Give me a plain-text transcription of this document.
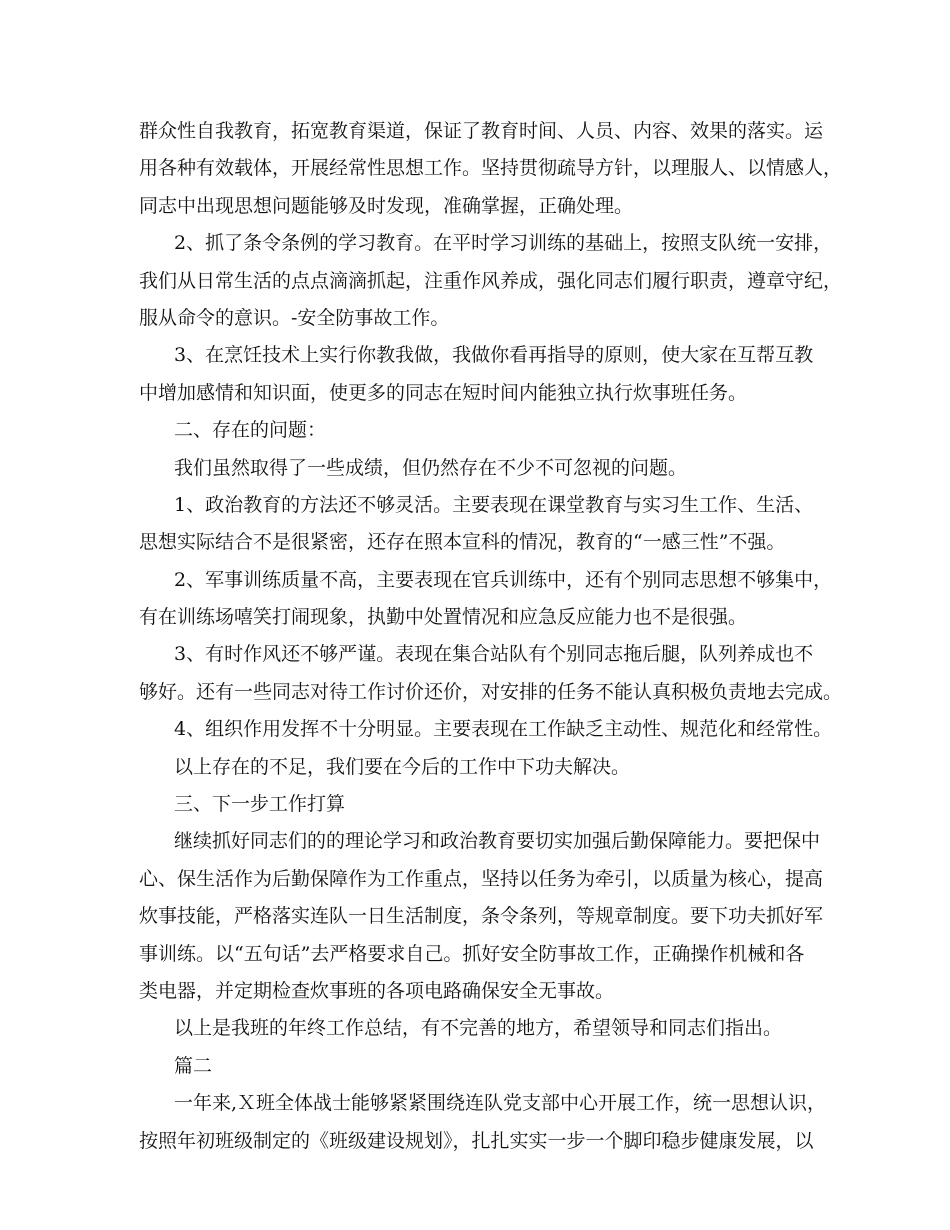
群众性自我教育，拓宽教育渠道，保证了教育时间、人员、内容、效果的落实。运
用各种有效载体，开展经常性思想工作。坚持贯彻疏导方针，以理服人、以情感人，
同志中出现思想问题能够及时发现，准确掌握，正确处理。
2、抓了条令条例的学习教育。在平时学习训练的基础上，按照支队统一安排，
我们从日常生活的点点滴滴抓起，注重作风养成，强化同志们履行职责，遵章守纪，
服从命令的意识。-安全防事故工作。
3、在烹饪技术上实行你教我做，我做你看再指导的原则，使大家在互帮互教
中增加感情和知识面，使更多的同志在短时间内能独立执行炊事班任务。
二、存在的问题：
我们虽然取得了一些成绩，但仍然存在不少不可忽视的问题。
1、政治教育的方法还不够灵活。主要表现在课堂教育与实习生工作、生活、
思想实际结合不是很紧密，还存在照本宣科的情况，教育的“一感三性”不强。
2、军事训练质量不高，主要表现在官兵训练中，还有个别同志思想不够集中，
有在训练场嘻笑打闹现象，执勤中处置情况和应急反应能力也不是很强。
3、有时作风还不够严谨。表现在集合站队有个别同志拖后腿，队列养成也不
够好。还有一些同志对待工作讨价还价，对安排的任务不能认真积极负责地去完成。
4、组织作用发挥不十分明显。主要表现在工作缺乏主动性、规范化和经常性。
以上存在的不足，我们要在今后的工作中下功夫解决。
三、下一步工作打算
继续抓好同志们的的理论学习和政治教育要切实加强后勤保障能力。要把保中
心、保生活作为后勤保障作为工作重点，坚持以任务为牵引，以质量为核心，提高
炊事技能，严格落实连队一日生活制度，条令条列，等规章制度。要下功夫抓好军
事训练。以“五句话”去严格要求自己。抓好安全防事故工作，正确操作机械和各
类电器，并定期检查炊事班的各项电路确保安全无事故。
以上是我班的年终工作总结，有不完善的地方，希望领导和同志们指出。
篇二
一年来,Ｘ班全体战士能够紧紧围绕连队党支部中心开展工作，统一思想认识，
按照年初班级制定的《班级建设规划》，扎扎实实一步一个脚印稳步健康发展，以
